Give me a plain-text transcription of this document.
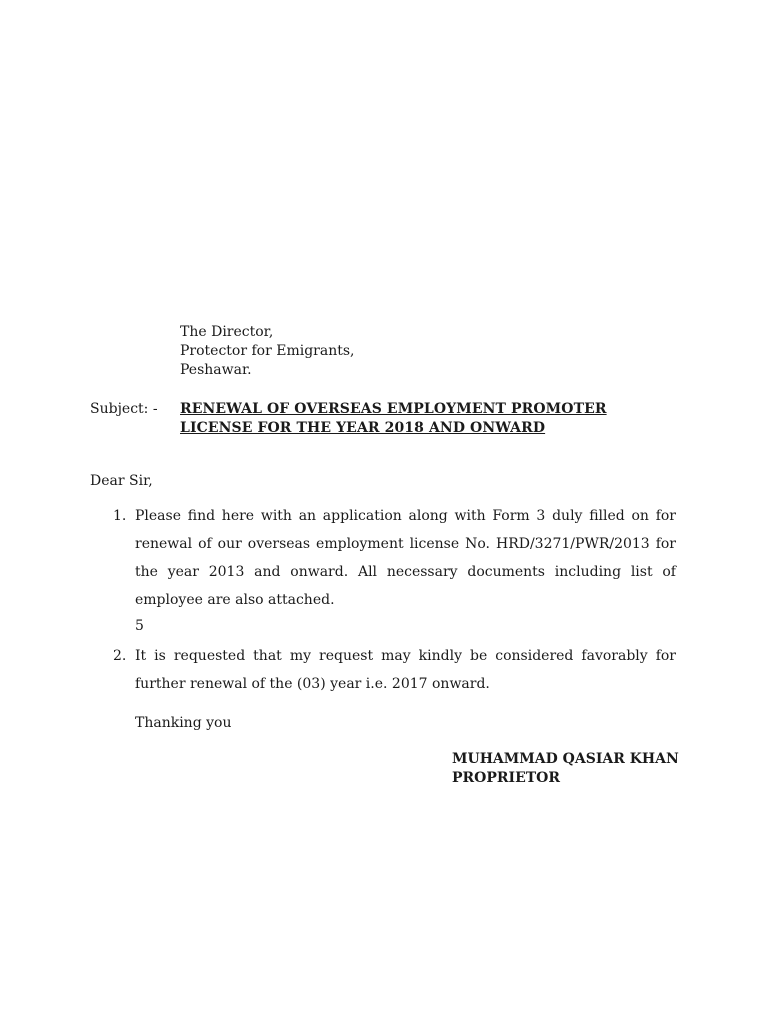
The Director,
Protector for Emigrants,
Peshawar.
Subject: - RENEWAL OF OVERSEAS EMPLOYMENT PROMOTER
LICENSE FOR THE YEAR 2018 AND ONWARD
Dear Sir,
1. Please find here with an application along with Form 3 duly filled on for renewal of our overseas employment license No. HRD/3271/PWR/2013 for the year 2013 and onward. All necessary documents including list of employee are also attached.
5
2. It is requested that my request may kindly be considered favorably for further renewal of the (03) year i.e. 2017 onward.
Thanking you
MUHAMMAD QASIAR KHAN
PROPRIETOR
